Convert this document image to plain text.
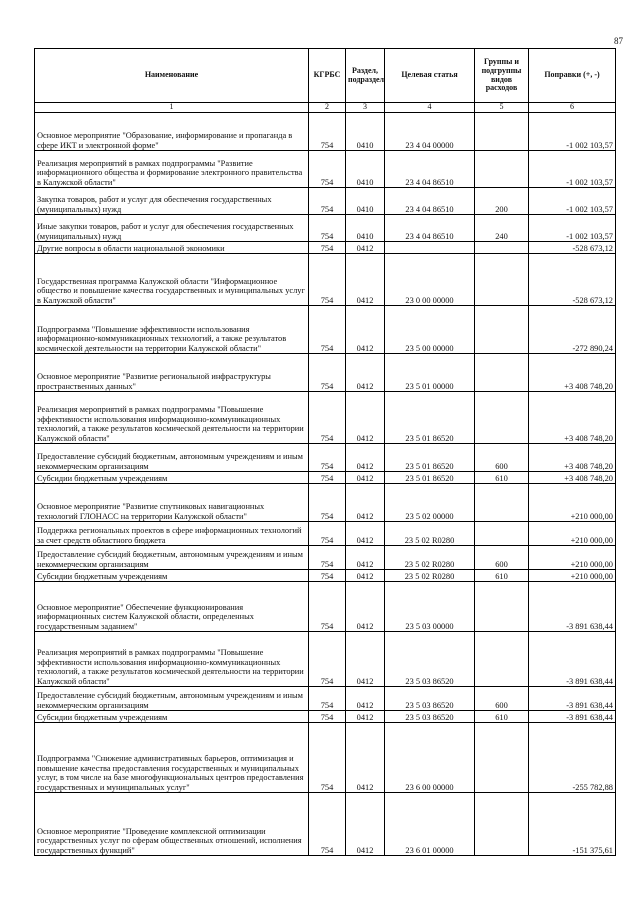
87
Наименование	КГРБС	Раздел, подраздел	Целевая статья	Группы и подгруппы видов расходов	Поправки (+, -)
1	2	3	4	5	6
Основное мероприятие "Образование, информирование и пропаганда в сфере ИКТ и электронной форме"	754	0410	23 4 04 00000		-1 002 103,57
Реализация мероприятий в рамках подпрограммы "Развитие информационного общества и формирование электронного правительства в Калужской области"	754	0410	23 4 04 86510		-1 002 103,57
Закупка товаров, работ и услуг для обеспечения государственных (муниципальных) нужд	754	0410	23 4 04 86510	200	-1 002 103,57
Иные закупки товаров, работ и услуг для обеспечения государственных (муниципальных) нужд	754	0410	23 4 04 86510	240	-1 002 103,57
Другие вопросы в области национальной экономики	754	0412			-528 673,12
Государственная программа Калужской области "Информационное общество и повышение качества государственных и муниципальных услуг в Калужской области"	754	0412	23 0 00 00000		-528 673,12
Подпрограмма "Повышение эффективности использования информационно-коммуникационных технологий, а также результатов космической деятельности на территории Калужской области"	754	0412	23 5 00 00000		-272 890,24
Основное мероприятие "Развитие региональной инфраструктуры пространственных данных"	754	0412	23 5 01 00000		+3 408 748,20
Реализация мероприятий в рамках подпрограммы "Повышение эффективности использования информационно-коммуникационных технологий, а также результатов космической деятельности на территории Калужской области"	754	0412	23 5 01 86520		+3 408 748,20
Предоставление субсидий бюджетным, автономным учреждениям и иным некоммерческим организациям	754	0412	23 5 01 86520	600	+3 408 748,20
Субсидии бюджетным учреждениям	754	0412	23 5 01 86520	610	+3 408 748,20
Основное мероприятие "Развитие спутниковых навигационных технологий ГЛОНАСС на территории Калужской области"	754	0412	23 5 02 00000		+210 000,00
Поддержка региональных проектов в сфере информационных технологий за счет средств областного бюджета	754	0412	23 5 02 R0280		+210 000,00
Предоставление субсидий бюджетным, автономным учреждениям и иным некоммерческим организациям	754	0412	23 5 02 R0280	600	+210 000,00
Субсидии бюджетным учреждениям	754	0412	23 5 02 R0280	610	+210 000,00
Основное мероприятие" Обеспечение функционирования информационных систем Калужской области, определенных государственным заданием"	754	0412	23 5 03 00000		-3 891 638,44
Реализация мероприятий в рамках подпрограммы "Повышение эффективности использования информационно-коммуникационных технологий, а также результатов космической деятельности на территории Калужской области"	754	0412	23 5 03 86520		-3 891 638,44
Предоставление субсидий бюджетным, автономным учреждениям и иным некоммерческим организациям	754	0412	23 5 03 86520	600	-3 891 638,44
Субсидии бюджетным учреждениям	754	0412	23 5 03 86520	610	-3 891 638,44
Подпрограмма "Снижение административных барьеров, оптимизация и повышение качества предоставления государственных и муниципальных услуг, в том числе на базе многофункциональных центров предоставления государственных и муниципальных услуг"	754	0412	23 6 00 00000		-255 782,88
Основное мероприятие "Проведение комплексной оптимизации государственных услуг по сферам общественных отношений, исполнения государственных функций"	754	0412	23 6 01 00000		-151 375,61
